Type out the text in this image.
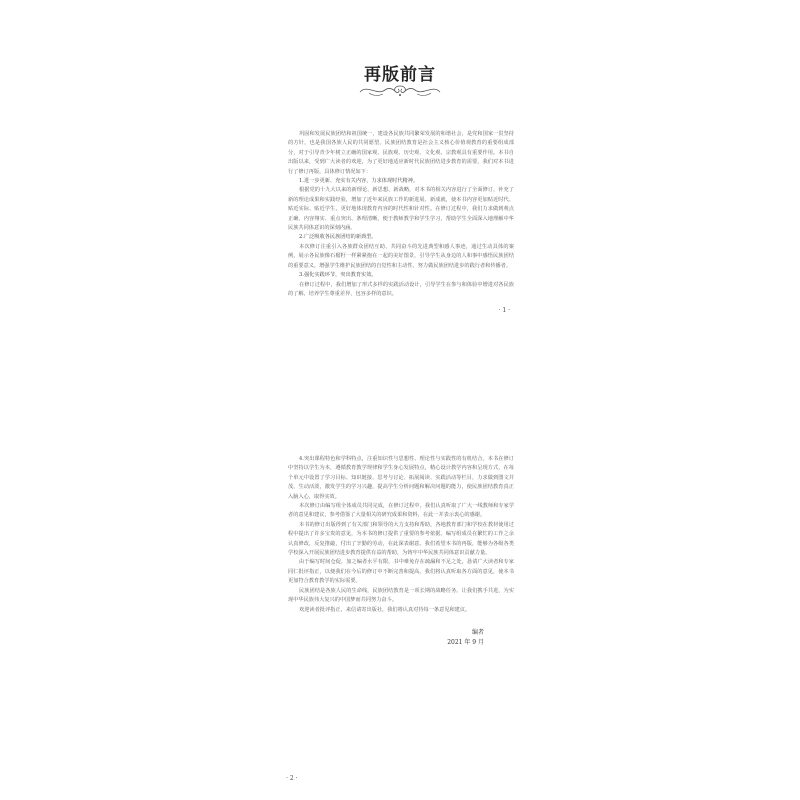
再版前言

巩固和发展民族团结和祖国统一，建设各民族共同繁荣发展的和谐社会，是党和国家一贯坚持的方针，也是我国各族人民的共同愿望。民族团结教育是社会主义核心价值观教育的重要组成部分，对于引导青少年树立正确的国家观、民族观、历史观、文化观、宗教观具有重要作用。本书自出版以来，受到广大读者的欢迎，为了更好地适应新时代民族团结进步教育的需要，我们对本书进行了修订再版，具体修订情况如下：

1.进一步更新、充实有关内容，力求体现时代精神。

根据党的十九大以来的新理论、新思想、新战略，对本书的相关内容进行了全面修订，补充了新的理论成果和实践经验，增加了近年来民族工作的新进展、新成就，使本书内容更加贴近时代、贴近实际、贴近学生，更好地体现教育内容的时代性和针对性。在修订过程中，我们力求做到观点正确、内容翔实、重点突出、条理清晰，便于教师教学和学生学习，帮助学生全面深入地理解中华民族共同体意识的深刻内涵。

2.广泛吸收各民族团结的新典型。

本次修订注重引入各族群众团结互助、共同奋斗的先进典型和感人事迹，通过生动具体的案例，展示各民族像石榴籽一样紧紧抱在一起的美好图景，引导学生从身边的人和事中感悟民族团结的重要意义，增强学生维护民族团结的自觉性和主动性，努力做民族团结进步的践行者和传播者。

3.强化实践环节，突出教育实效。

在修订过程中，我们增加了形式多样的实践活动设计，引导学生在参与和体验中增进对各民族的了解，培养学生尊重差异、包容多样的意识。

· 1 ·

4.突出课程特色和学科特点，注重知识性与思想性、理论性与实践性的有机结合。本书在修订中坚持以学生为本，遵循教育教学规律和学生身心发展特点，精心设计教学内容和呈现方式，在每个单元中设置了学习目标、知识链接、思考与讨论、拓展阅读、实践活动等栏目，力求做到图文并茂、生动活泼，激发学生的学习兴趣，提高学生分析问题和解决问题的能力，使民族团结教育真正入脑入心，取得实效。

本次修订由编写组全体成员共同完成，在修订过程中，我们认真听取了广大一线教师和专家学者的意见和建议，参考借鉴了大量相关的研究成果和资料，在此一并表示衷心的感谢。

本书的修订出版得到了有关部门和领导的大力支持和帮助，各地教育部门和学校在教材使用过程中提出了许多宝贵的意见，为本书的修订提供了重要的参考依据。编写组成员在繁忙的工作之余认真修改，反复推敲，付出了辛勤的劳动，在此深表谢意。我们希望本书的再版，能够为各级各类学校深入开展民族团结进步教育提供有益的帮助，为铸牢中华民族共同体意识贡献力量。

由于编写时间仓促，加之编者水平有限，书中难免存在疏漏和不足之处，恳请广大读者和专家同仁批评指正，以便我们在今后的修订中不断完善和提高。我们将认真听取各方面的意见，使本书更加符合教育教学的实际需要。

民族团结是各族人民的生命线，民族团结教育是一项长期的战略任务。让我们携手共进，为实现中华民族伟大复兴的中国梦而共同努力奋斗。

欢迎读者批评指正，来信请寄出版社，我们将认真对待每一条意见和建议。

编者
2021 年 9 月
· 2 ·
